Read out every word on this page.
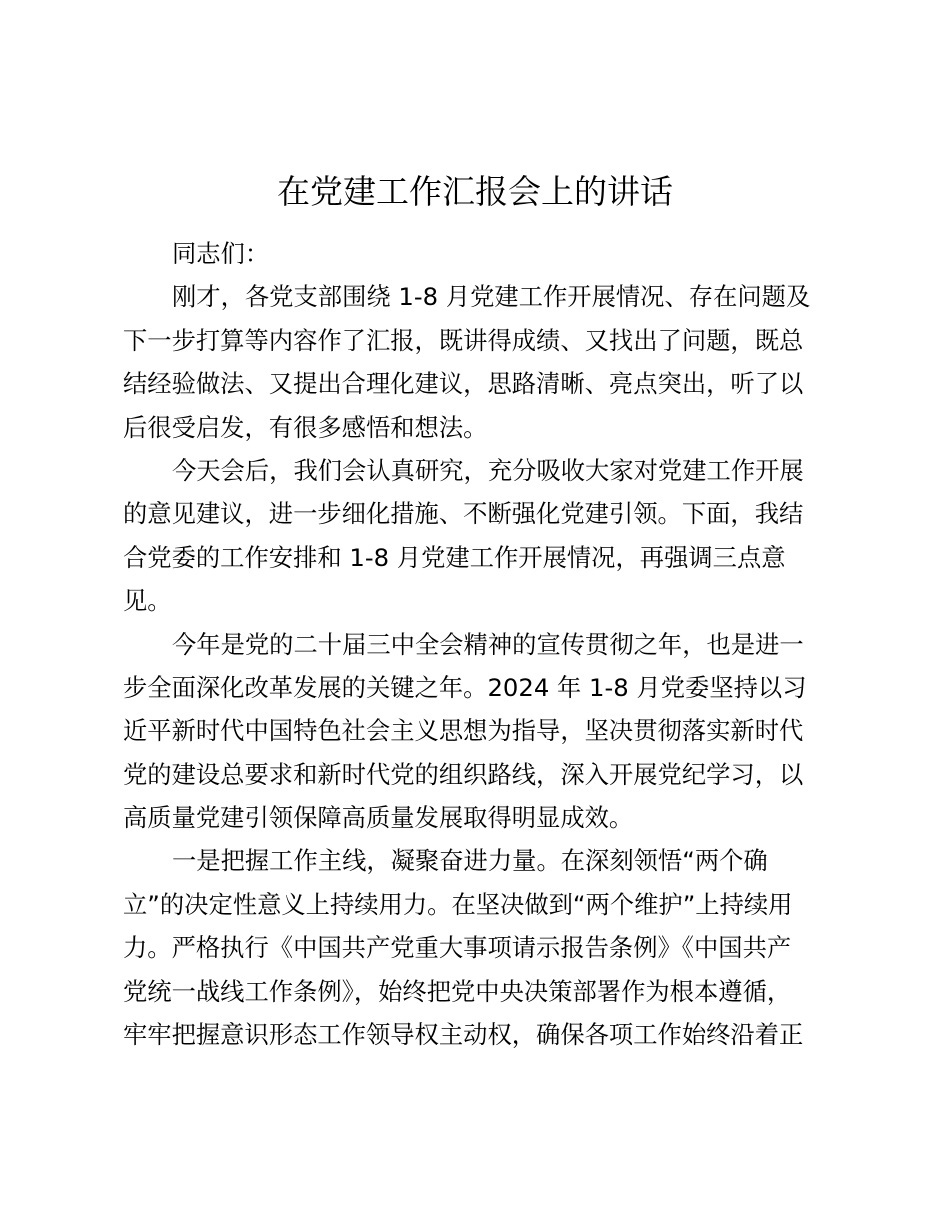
在党建工作汇报会上的讲话
同志们：
刚才，各党支部围绕 1-8 月党建工作开展情况、存在问题及
下一步打算等内容作了汇报，既讲得成绩、又找出了问题，既总
结经验做法、又提出合理化建议，思路清晰、亮点突出，听了以
后很受启发，有很多感悟和想法。
今天会后，我们会认真研究，充分吸收大家对党建工作开展
的意见建议，进一步细化措施、不断强化党建引领。下面，我结
合党委的工作安排和 1-8 月党建工作开展情况，再强调三点意
见。
今年是党的二十届三中全会精神的宣传贯彻之年，也是进一
步全面深化改革发展的关键之年。2024 年 1-8 月党委坚持以习
近平新时代中国特色社会主义思想为指导，坚决贯彻落实新时代
党的建设总要求和新时代党的组织路线，深入开展党纪学习，以
高质量党建引领保障高质量发展取得明显成效。
一是把握工作主线，凝聚奋进力量。在深刻领悟“两个确
立”的决定性意义上持续用力。在坚决做到“两个维护”上持续用
力。严格执行《中国共产党重大事项请示报告条例》《中国共产
党统一战线工作条例》，始终把党中央决策部署作为根本遵循，
牢牢把握意识形态工作领导权主动权，确保各项工作始终沿着正
